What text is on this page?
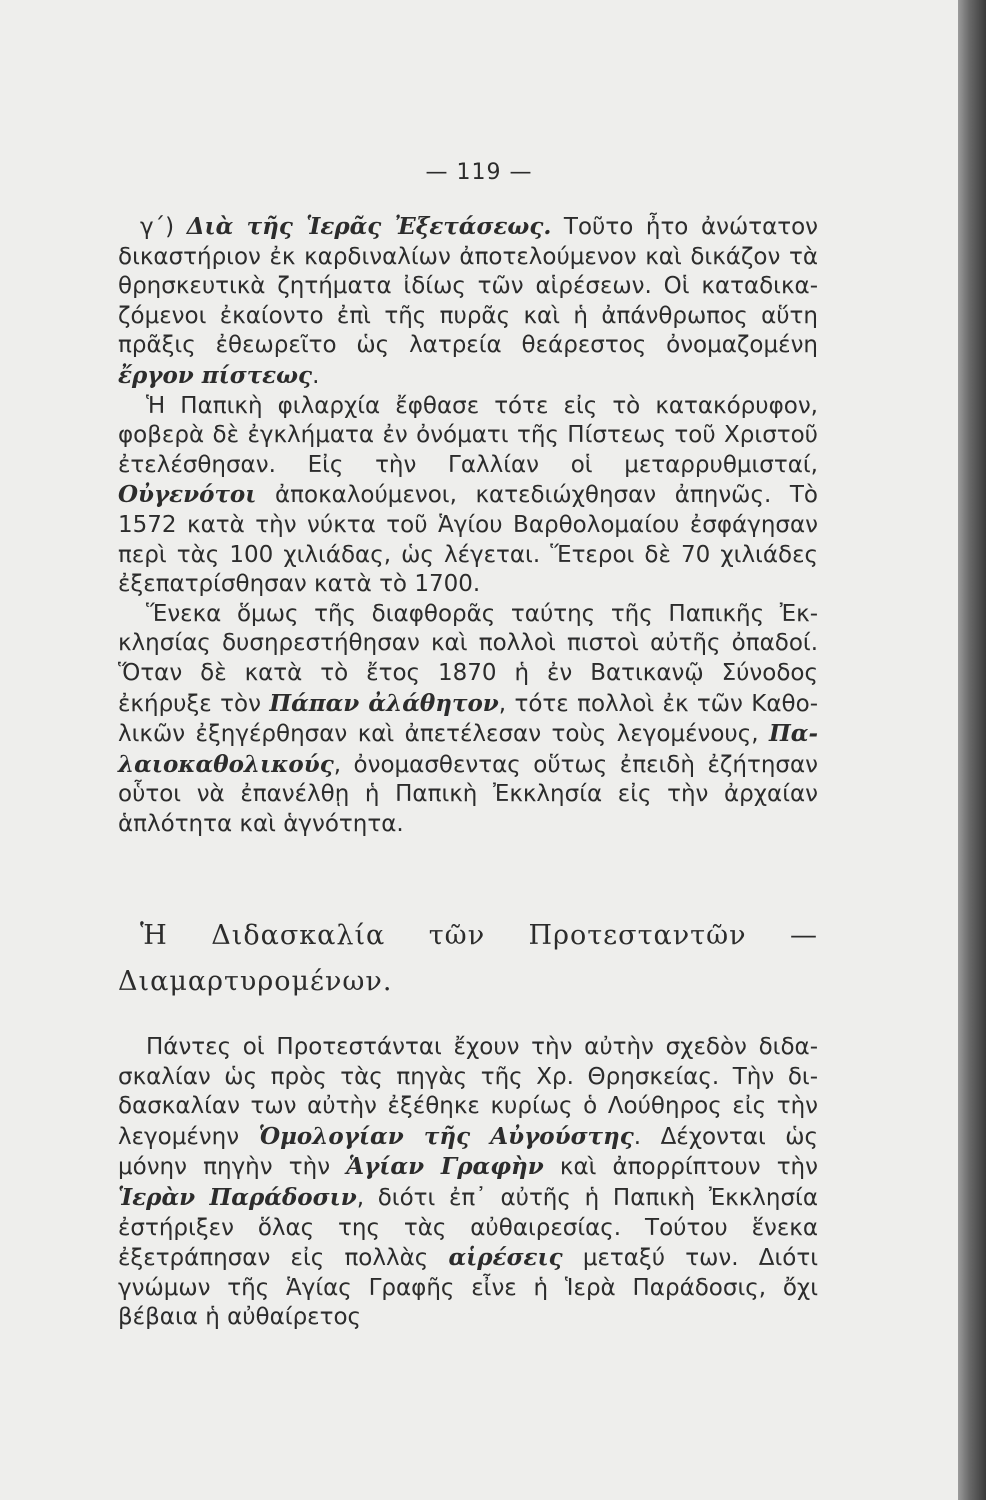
— 119 —

γ΄) Διὰ τῆς Ἱερᾶς Ἐξετάσεως. Τοῦτο ἦτο ἀνώτατον δικαστήριον ἐκ καρδιναλίων ἀποτελούμενον καὶ δικάζον τὰ θρησκευτικὰ ζητήματα ἰδίως τῶν αἱρέσεων. Οἱ καταδικαζόμενοι ἐκαίοντο ἐπὶ τῆς πυρᾶς καὶ ἡ ἀπάνθρωπος αὕτη πρᾶξις ἐθεωρεῖτο ὡς λατρεία θεάρεστος ὀνομαζομένη ἔργον πίστεως.

Ἡ Παπικὴ φιλαρχία ἔφθασε τότε εἰς τὸ κατακόρυφον, φοβερὰ δὲ ἐγκλήματα ἐν ὀνόματι τῆς Πίστεως τοῦ Χριστοῦ ἐτελέσθησαν. Εἰς τὴν Γαλλίαν οἱ μεταρρυθμισταί, Οὐγενότοι ἀποκαλούμενοι, κατεδιώχθησαν ἀπηνῶς. Τὸ 1572 κατὰ τὴν νύκτα τοῦ Ἁγίου Βαρθολομαίου ἐσφάγησαν περὶ τὰς 100 χιλιάδας, ὡς λέγεται. Ἕτεροι δὲ 70 χιλιάδες ἐξεπατρίσθησαν κατὰ τὸ 1700.

Ἕνεκα ὅμως τῆς διαφθορᾶς ταύτης τῆς Παπικῆς Ἐκκλησίας δυσηρεστήθησαν καὶ πολλοὶ πιστοὶ αὐτῆς ὀπαδοί. Ὅταν δὲ κατὰ τὸ ἔτος 1870 ἡ ἐν Βατικανῷ Σύνοδος ἐκήρυξε τὸν Πάπαν ἀλάθητον, τότε πολλοὶ ἐκ τῶν Καθολικῶν ἐξηγέρθησαν καὶ ἀπετέλεσαν τοὺς λεγομένους, Παλαιοκαθολικούς, ὀνομασθεντας οὕτως ἐπειδὴ ἐζήτησαν οὗτοι νὰ ἐπανέλθῃ ἡ Παπικὴ Ἐκκλησία εἰς τὴν ἀρχαίαν ἁπλότητα καὶ ἁγνότητα.

Ἡ Διδασκαλία τῶν Προτεσταντῶν — Διαμαρτυρομένων.

Πάντες οἱ Προτεστάνται ἔχουν τὴν αὐτὴν σχεδὸν διδασκαλίαν ὡς πρὸς τὰς πηγὰς τῆς Χρ. Θρησκείας. Τὴν διδασκαλίαν των αὐτὴν ἐξέθηκε κυρίως ὁ Λούθηρος εἰς τὴν λεγομένην Ὁμολογίαν τῆς Αὐγούστης. Δέχονται ὡς μόνην πηγὴν τὴν Ἁγίαν Γραφὴν καὶ ἀπορρίπτουν τὴν Ἱερὰν Παράδοσιν, διότι ἐπ᾿ αὐτῆς ἡ Παπικὴ Ἐκκλησία ἐστήριξεν ὅλας της τὰς αὐθαιρεσίας. Τούτου ἕνεκα ἐξετράπησαν εἰς πολλὰς αἱρέσεις μεταξύ των. Διότι γνώμων τῆς Ἁγίας Γραφῆς εἶνε ἡ Ἱερὰ Παράδοσις, ὄχι βέβαια ἡ αὐθαίρετος
